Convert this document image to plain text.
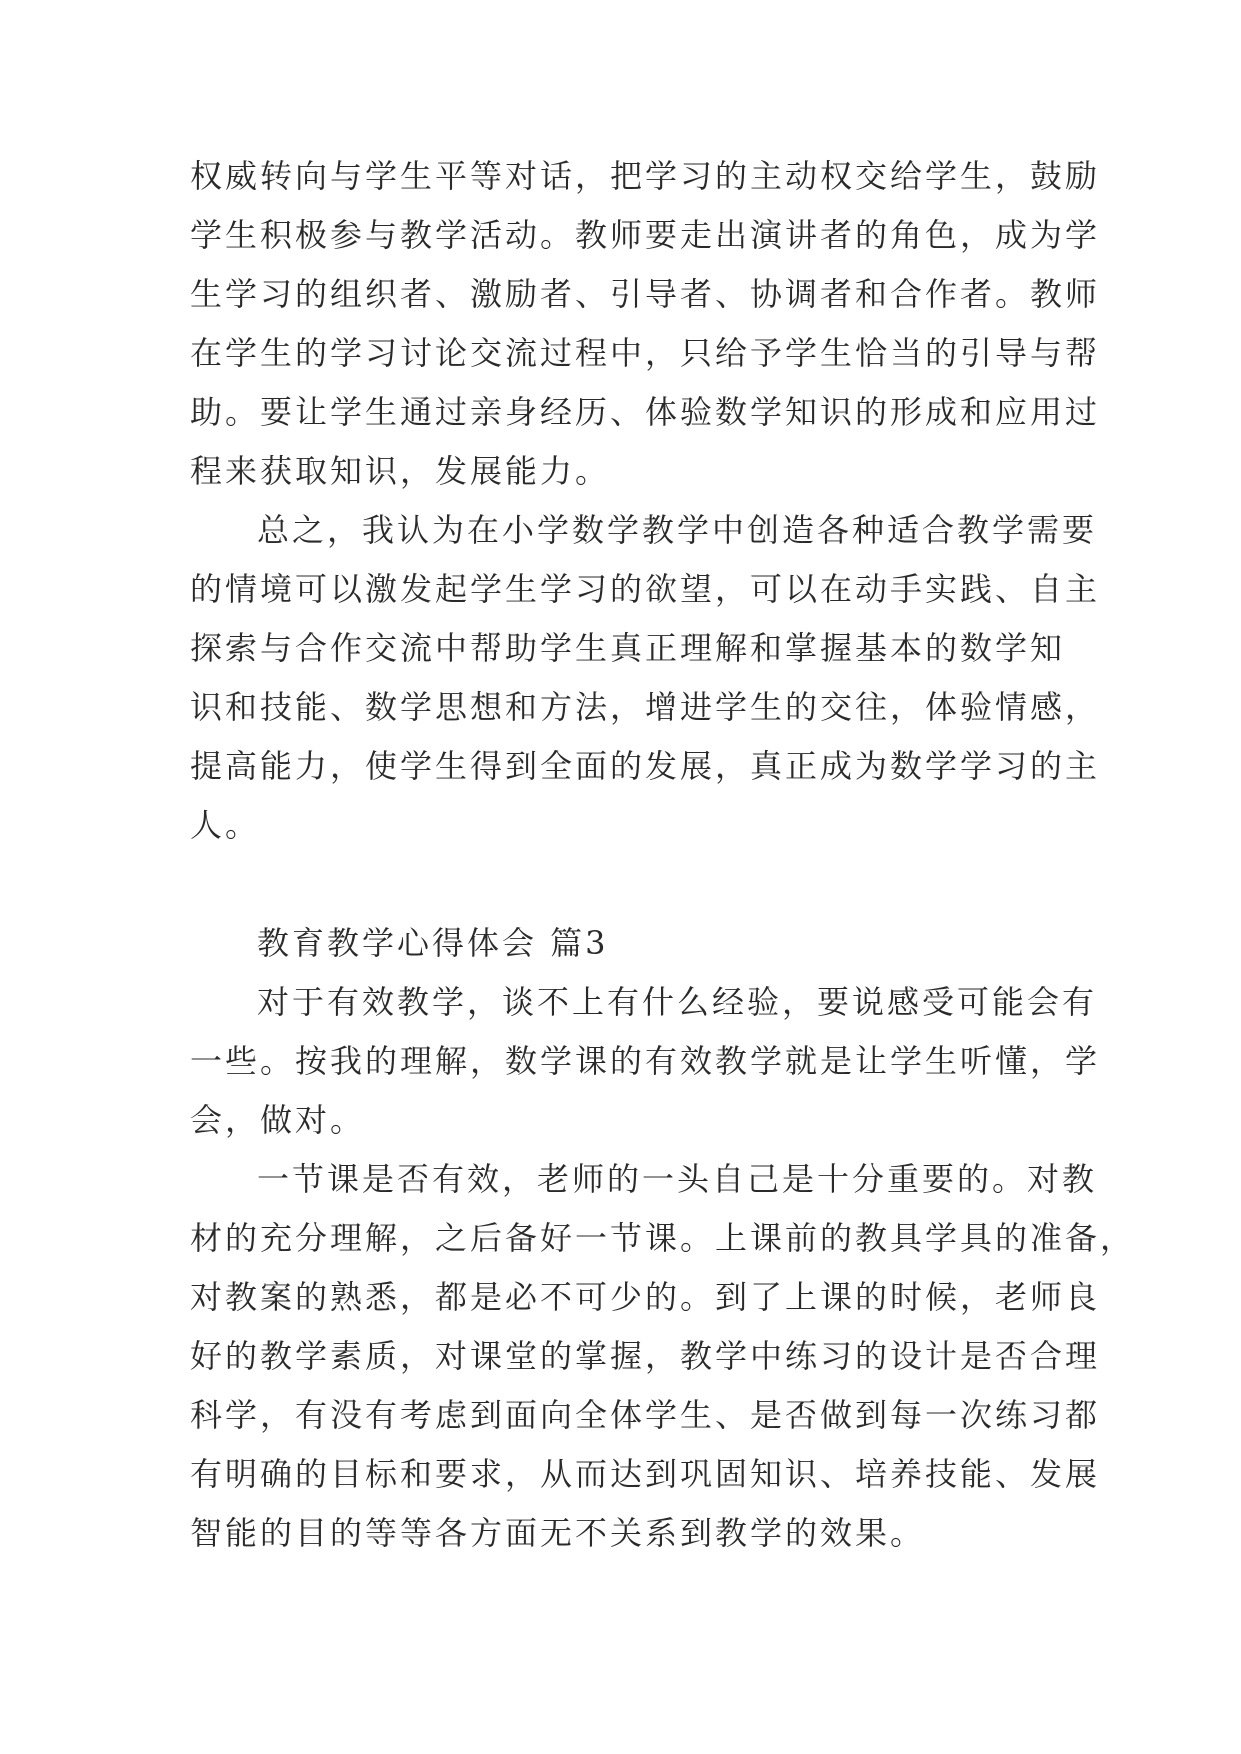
权威转向与学生平等对话，把学习的主动权交给学生，鼓励
学生积极参与教学活动。教师要走出演讲者的角色，成为学
生学习的组织者、激励者、引导者、协调者和合作者。教师
在学生的学习讨论交流过程中，只给予学生恰当的引导与帮
助。要让学生通过亲身经历、体验数学知识的形成和应用过
程来获取知识，发展能力。
总之，我认为在小学数学教学中创造各种适合教学需要
的情境可以激发起学生学习的欲望，可以在动手实践、自主
探索与合作交流中帮助学生真正理解和掌握基本的数学知
识和技能、数学思想和方法，增进学生的交往，体验情感，
提高能力，使学生得到全面的发展，真正成为数学学习的主
人。
教育教学心得体会 篇3
对于有效教学，谈不上有什么经验，要说感受可能会有
一些。按我的理解，数学课的有效教学就是让学生听懂，学
会，做对。
一节课是否有效，老师的一头自己是十分重要的。对教
材的充分理解，之后备好一节课。上课前的教具学具的准备，
对教案的熟悉，都是必不可少的。到了上课的时候，老师良
好的教学素质，对课堂的掌握，教学中练习的设计是否合理
科学，有没有考虑到面向全体学生、是否做到每一次练习都
有明确的目标和要求，从而达到巩固知识、培养技能、发展
智能的目的等等各方面无不关系到教学的效果。
